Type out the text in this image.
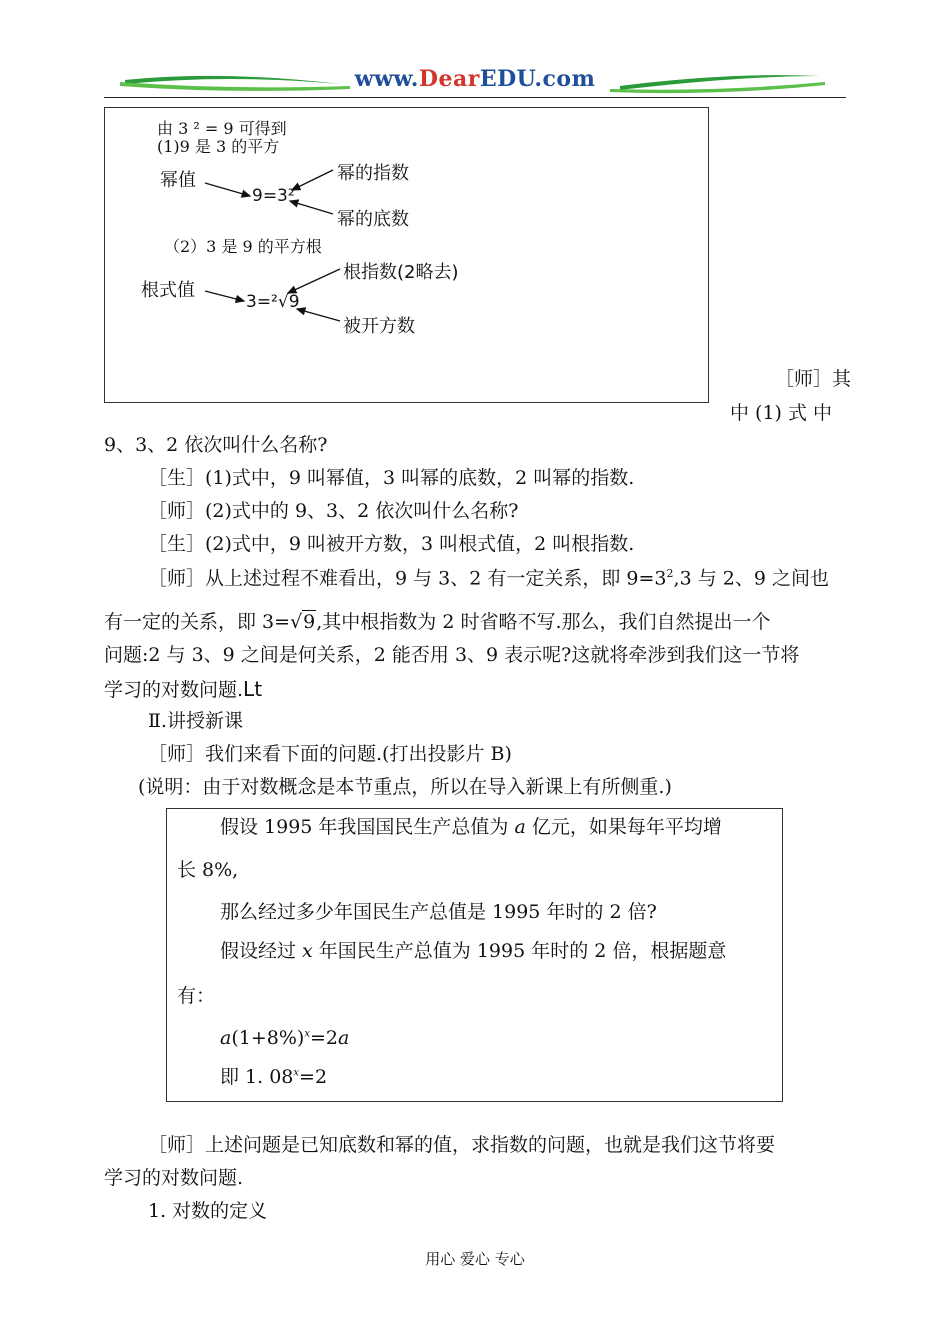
www.DearEDU.com
由 3 ² = 9 可得到
(1)9 是 3 的平方
幂值
9=3²
幂的指数
幂的底数
（2）3 是 9 的平方根
根式值
3=²√9
根指数(2略去)
被开方数
［师］其
中 (1) 式 中
9、3、2 依次叫什么名称?
［生］(1)式中，9 叫幂值，3 叫幂的底数，2 叫幂的指数.
［师］(2)式中的 9、3、2 依次叫什么名称?
［生］(2)式中，9 叫被开方数，3 叫根式值，2 叫根指数.
［师］从上述过程不难看出，9 与 3、2 有一定关系，即 $9=3^2,3$ 与 2、9 之间也
有一定的关系，即 3=√9,其中根指数为 2 时省略不写.那么，我们自然提出一个
问题:2 与 3、9 之间是何关系，2 能否用 3、9 表示呢?这就将牵涉到我们这一节将
学习的对数问题.Lt
Ⅱ.讲授新课
［师］我们来看下面的问题.(打出投影片 B)
(说明：由于对数概念是本节重点，所以在导入新课上有所侧重.)
假设 1995 年我国国民生产总值为 a 亿元，如果每年平均增
长 8%,
那么经过多少年国民生产总值是 1995 年时的 2 倍?
假设经过 x 年国民生产总值为 1995 年时的 2 倍，根据题意
有：
$a(1+8\%)^x=2a$
即 1. $08^x=2$
［师］上述问题是已知底数和幂的值，求指数的问题，也就是我们这节将要
学习的对数问题.
1. 对数的定义
用心 爱心 专心
